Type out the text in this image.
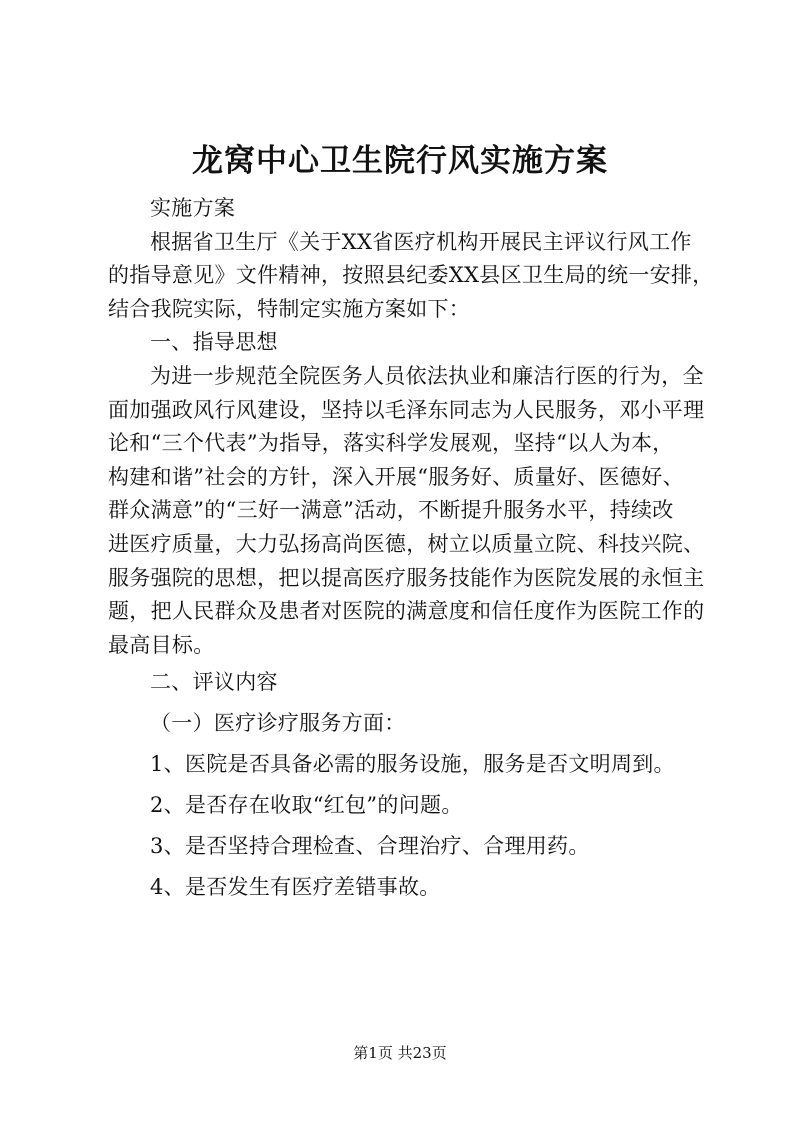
龙窝中心卫生院行风实施方案
实施方案
根据省卫生厅《关于XX省医疗机构开展民主评议行风工作
的指导意见》文件精神，按照县纪委XX县区卫生局的统一安排，
结合我院实际，特制定实施方案如下：
一、指导思想
为进一步规范全院医务人员依法执业和廉洁行医的行为，全
面加强政风行风建设，坚持以毛泽东同志为人民服务，邓小平理
论和“三个代表”为指导，落实科学发展观，坚持“以人为本，
构建和谐”社会的方针，深入开展“服务好、质量好、医德好、
群众满意”的“三好一满意”活动，不断提升服务水平，持续改
进医疗质量，大力弘扬高尚医德，树立以质量立院、科技兴院、
服务强院的思想，把以提高医疗服务技能作为医院发展的永恒主
题，把人民群众及患者对医院的满意度和信任度作为医院工作的
最高目标。
二、评议内容
（一）医疗诊疗服务方面：
1、医院是否具备必需的服务设施，服务是否文明周到。
2、是否存在收取“红包”的问题。
3、是否坚持合理检查、合理治疗、合理用药。
4、是否发生有医疗差错事故。
第1页 共23页
